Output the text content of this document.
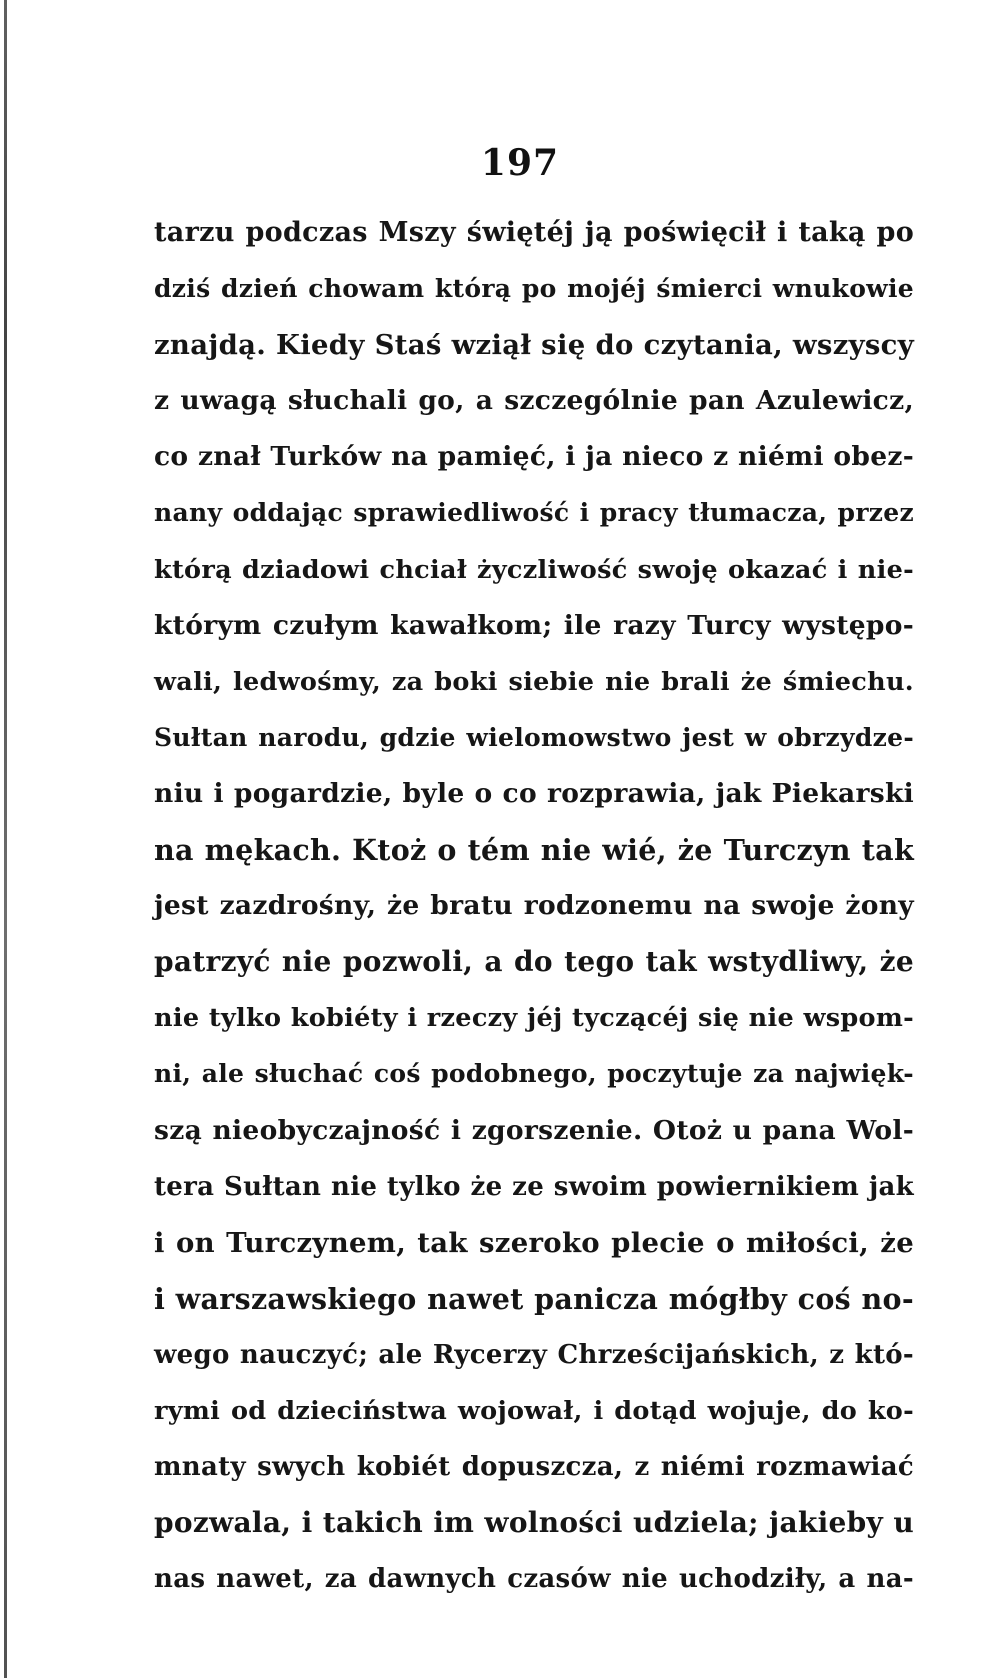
197
tarzu podczas Mszy świętéj ją poświęcił i taką po
dziś dzień chowam którą po mojéj śmierci wnukowie
znajdą. Kiedy Staś wziął się do czytania, wszyscy
z uwagą słuchali go, a szczególnie pan Azulewicz,
co znał Turków na pamięć, i ja nieco z niémi obez-
nany oddając sprawiedliwość i pracy tłumacza, przez
którą dziadowi chciał życzliwość swoję okazać i nie-
którym czułym kawałkom; ile razy Turcy występo-
wali, ledwośmy, za boki siebie nie brali że śmiechu.
Sułtan narodu, gdzie wielomowstwo jest w obrzydze-
niu i pogardzie, byle o co rozprawia, jak Piekarski
na mękach. Ktoż o tém nie wié, że Turczyn tak
jest zazdrośny, że bratu rodzonemu na swoje żony
patrzyć nie pozwoli, a do tego tak wstydliwy, że
nie tylko kobiéty i rzeczy jéj tyczącéj się nie wspom-
ni, ale słuchać coś podobnego, poczytuje za najwięk-
szą nieobyczajność i zgorszenie. Otoż u pana Wol-
tera Sułtan nie tylko że ze swoim powiernikiem jak
i on Turczynem, tak szeroko plecie o miłości, że
i warszawskiego nawet panicza mógłby coś no-
wego nauczyć; ale Rycerzy Chrześcijańskich, z któ-
rymi od dzieciństwa wojował, i dotąd wojuje, do ko-
mnaty swych kobiét dopuszcza, z niémi rozmawiać
pozwala, i takich im wolności udziela; jakieby u
nas nawet, za dawnych czasów nie uchodziły, a na-
